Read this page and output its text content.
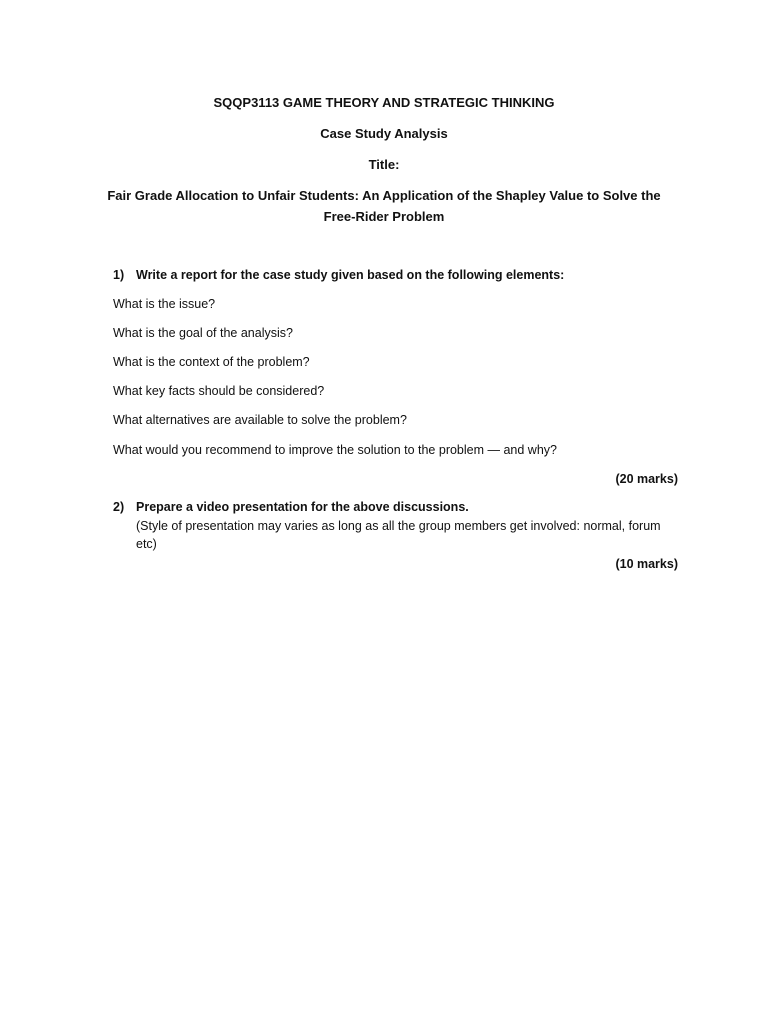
SQQP3113 GAME THEORY AND STRATEGIC THINKING
Case Study Analysis
Title:
Fair Grade Allocation to Unfair Students: An Application of the Shapley Value to Solve the
Free-Rider Problem
1) Write a report for the case study given based on the following elements:
What is the issue?
What is the goal of the analysis?
What is the context of the problem?
What key facts should be considered?
What alternatives are available to solve the problem?
What would you recommend to improve the solution to the problem — and why?
(20 marks)
2) Prepare a video presentation for the above discussions.
(Style of presentation may varies as long as all the group members get involved: normal, forum etc)
(10 marks)
